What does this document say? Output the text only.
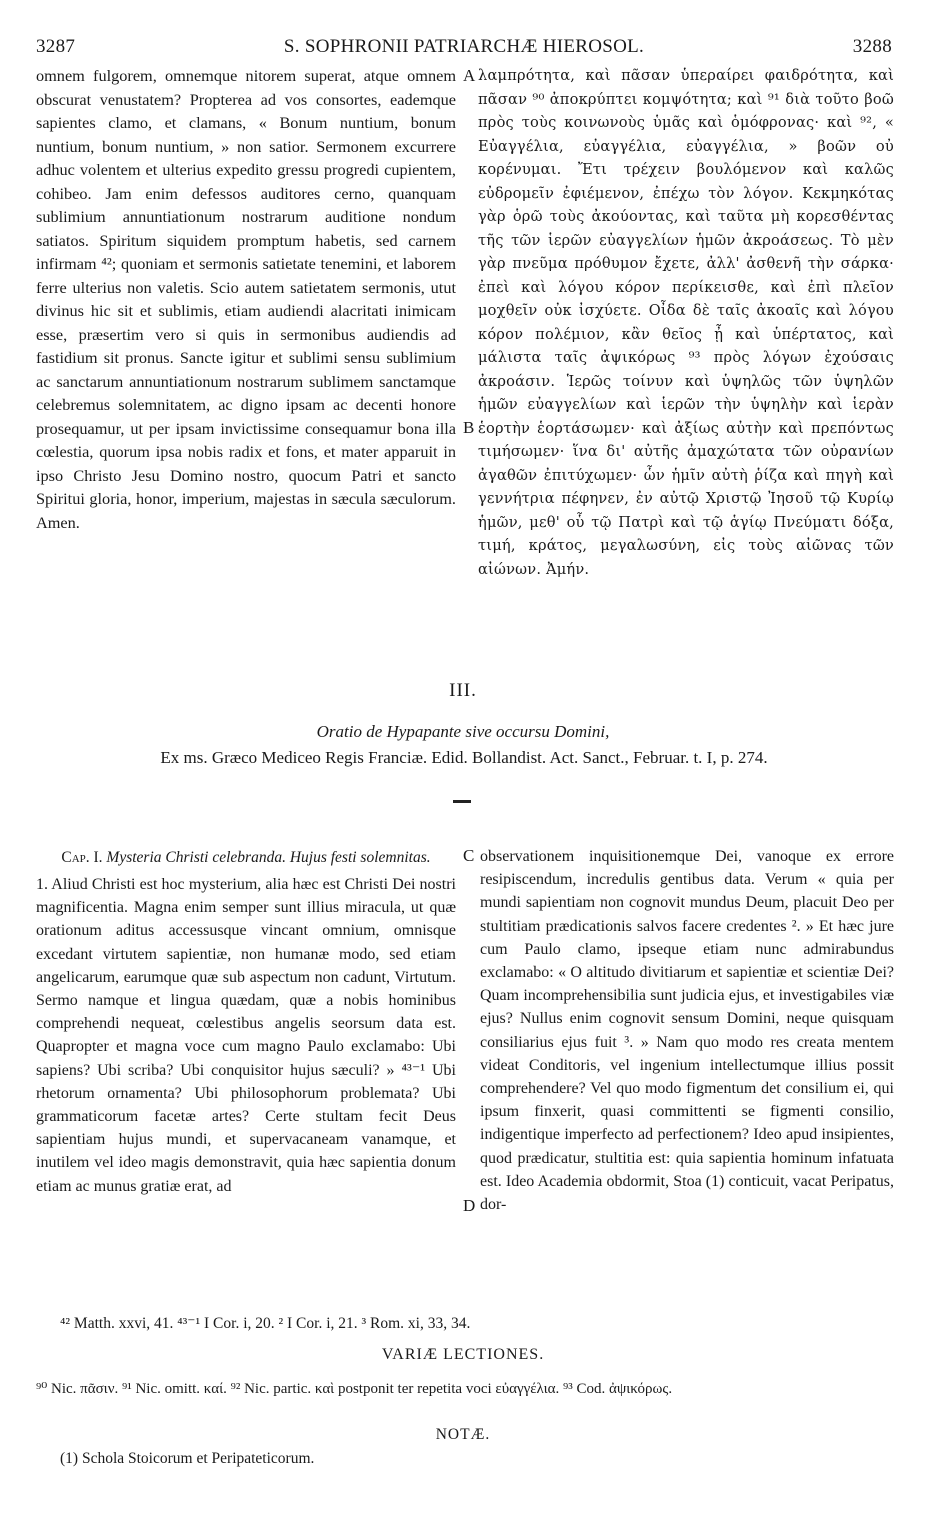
3287	S. SOPHRONII PATRIARCHÆ HIEROSOL.	3288

omnem fulgorem, omnemque nitorem superat, atque omnem obscurat venustatem? Propterea ad vos consortes, eademque sapientes clamo, et clamans, « Bonum nuntium, bonum nuntium, bonum nuntium, » non satior. Sermonem excurrere adhuc volentem et ulterius expedito gressu progredi cupientem, cohibeo. Jam enim defessos auditores cerno, quanquam sublimium annuntiationum nostrarum auditione nondum satiatos. Spiritum siquidem promptum habetis, sed carnem infirmam ⁴²; quoniam et sermonis satietate tenemini, et laborem ferre ulterius non valetis. Scio autem satietatem sermonis, utut divinus hic sit et sublimis, etiam audiendi alacritati inimicam esse, præsertim vero si quis in sermonibus audiendis ad fastidium sit pronus. Sancte igitur et sublimi sensu sublimium ac sanctarum annuntiationum nostrarum sublimem sanctamque celebremus solemnitatem, ac digno ipsam ac decenti honore prosequamur, ut per ipsam invictissime consequamur bona illa cœlestia, quorum ipsa nobis radix et fons, et mater apparuit in ipso Christo Jesu Domino nostro, quocum Patri et sancto Spiritui gloria, honor, imperium, majestas in sæcula sæculorum. Amen.

A
B

λαμπρότητα, καὶ πᾶσαν ὑπεραίρει φαιδρότητα, καὶ πᾶσαν ⁹⁰ ἀποκρύπτει κομψότητα; καὶ ⁹¹ διὰ τοῦτο βοῶ πρὸς τοὺς κοινωνοὺς ὑμᾶς καὶ ὁμόφρονας· καὶ ⁹², « Εὐαγγέλια, εὐαγγέλια, εὐαγγέλια, » βοῶν οὐ κορένυμαι. Ἔτι τρέχειν βουλόμενον καὶ καλῶς εὐδρομεῖν ἐφιέμενον, ἐπέχω τὸν λόγον. Κεκμηκότας γὰρ ὁρῶ τοὺς ἀκούοντας, καὶ ταῦτα μὴ κορεσθέντας τῆς τῶν ἱερῶν εὐαγγελίων ἡμῶν ἀκροάσεως. Τὸ μὲν γὰρ πνεῦμα πρόθυμον ἔχετε, ἀλλ' ἀσθενῆ τὴν σάρκα· ἐπεὶ καὶ λόγου κόρον περίκεισθε, καὶ ἐπὶ πλεῖον μοχθεῖν οὐκ ἰσχύετε. Οἶδα δὲ ταῖς ἀκοαῖς καὶ λόγου κόρον πολέμιον, κἂν θεῖος ᾖ καὶ ὑπέρτατος, καὶ μάλιστα ταῖς ἀψικόρως ⁹³ πρὸς λόγων ἐχούσαις ἀκροάσιν. Ἱερῶς τοίνυν καὶ ὑψηλῶς τῶν ὑψηλῶν ἡμῶν εὐαγγελίων καὶ ἱερῶν τὴν ὑψηλὴν καὶ ἱερὰν ἑορτὴν ἑορτάσωμεν· καὶ ἀξίως αὐτὴν καὶ πρεπόντως τιμήσωμεν· ἵνα δι' αὐτῆς ἀμαχώτατα τῶν οὐρανίων ἀγαθῶν ἐπιτύχωμεν· ὧν ἡμῖν αὐτὴ ῥίζα καὶ πηγὴ καὶ γεννήτρια πέφηνεν, ἐν αὐτῷ Χριστῷ Ἰησοῦ τῷ Κυρίῳ ἡμῶν, μεθ' οὗ τῷ Πατρὶ καὶ τῷ ἁγίῳ Πνεύματι δόξα, τιμή, κράτος, μεγαλωσύνη, εἰς τοὺς αἰῶνας τῶν αἰώνων. Ἀμήν.

III.
Oratio de Hypapante sive occursu Domini,
Ex ms. Græco Mediceo Regis Franciæ. Edid. Bollandist. Act. Sanct., Februar. t. I, p. 274.

Cap. I. Mysteria Christi celebranda. Hujus festi solemnitas.

1. Aliud Christi est hoc mysterium, alia hæc est Christi Dei nostri magnificentia. Magna enim semper sunt illius miracula, ut quæ orationum aditus accessusque vincant omnium, omnisque excedant virtutem sapientiæ, non humanæ modo, sed etiam angelicarum, earumque quæ sub aspectum non cadunt, Virtutum. Sermo namque et lingua quædam, quæ a nobis hominibus comprehendi nequeat, cœlestibus angelis seorsum data est. Quapropter et magna voce cum magno Paulo exclamabo: Ubi sapiens? Ubi scriba? Ubi conquisitor hujus sæculi? » ⁴³⁻¹ Ubi rhetorum ornamenta? Ubi philosophorum problemata? Ubi grammaticorum facetæ artes? Certe stultam fecit Deus sapientiam hujus mundi, et supervacaneam vanamque, et inutilem vel ideo magis demonstravit, quia hæc sapientia donum etiam ac munus gratiæ erat, ad

C
D

observationem inquisitionemque Dei, vanoque ex errore resipiscendum, incredulis gentibus data. Verum « quia per mundi sapientiam non cognovit mundus Deum, placuit Deo per stultitiam prædicationis salvos facere credentes ². » Et hæc jure cum Paulo clamo, ipseque etiam nunc admirabundus exclamabo: « O altitudo divitiarum et sapientiæ et scientiæ Dei? Quam incomprehensibilia sunt judicia ejus, et investigabiles viæ ejus? Nullus enim cognovit sensum Domini, neque quisquam consiliarius ejus fuit ³. » Nam quo modo res creata mentem videat Conditoris, vel ingenium intellectumque illius possit comprehendere? Vel quo modo figmentum det consilium ei, qui ipsum finxerit, quasi committenti se figmenti consilio, indigentique imperfecto ad perfectionem? Ideo apud insipientes, quod prædicatur, stultitia est: quia sapientia hominum infatuata est. Ideo Academia obdormit, Stoa (1) conticuit, vacat Peripatus, dor-

⁴² Matth. xxvi, 41. ⁴³⁻¹ I Cor. i, 20. ² I Cor. i, 21. ³ Rom. xi, 33, 34.
VARIÆ LECTIONES.
⁹⁰ Nic. πᾶσιν. ⁹¹ Nic. omitt. καί. ⁹² Nic. partic. καὶ postponit ter repetita voci εὐαγγέλια. ⁹³ Cod. ἀψικόρως.
NOTÆ.
(1) Schola Stoicorum et Peripateticorum.
